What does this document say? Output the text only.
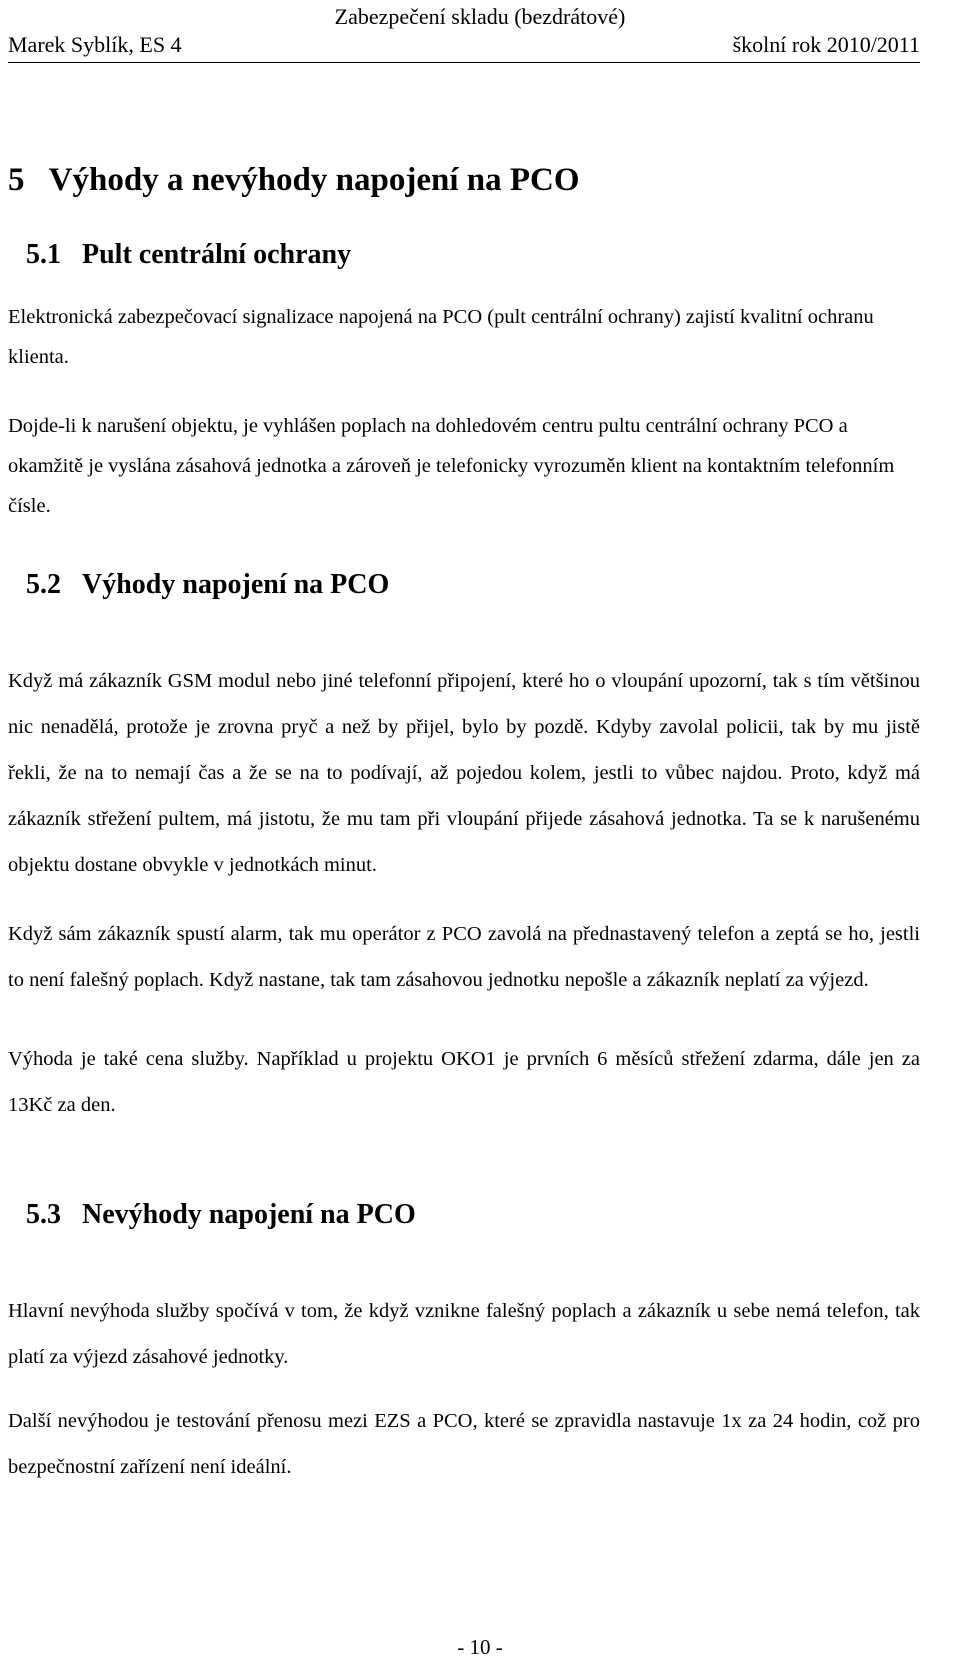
Zabezpečení skladu (bezdrátové)
Marek Syblík, ES 4	školní rok 2010/2011
5 Výhody a nevýhody napojení na PCO
5.1 Pult centrální ochrany

Elektronická zabezpečovací signalizace napojená na PCO (pult centrální ochrany) zajistí kvalitní ochranu klienta.

Dojde-li k narušení objektu, je vyhlášen poplach na dohledovém centru pultu centrální ochrany PCO a okamžitě je vyslána zásahová jednotka a zároveň je telefonicky vyrozuměn klient na kontaktním telefonním čísle.

5.2 Výhody napojení na PCO

Když má zákazník GSM modul nebo jiné telefonní připojení, které ho o vloupání upozorní, tak s tím většinou nic nenadělá, protože je zrovna pryč a než by přijel, bylo by pozdě. Kdyby zavolal policii, tak by mu jistě řekli, že na to nemají čas a že se na to podívají, až pojedou kolem, jestli to vůbec najdou. Proto, když má zákazník střežení pultem, má jistotu, že mu tam při vloupání přijede zásahová jednotka. Ta se k narušenému objektu dostane obvykle v jednotkách minut.

Když sám zákazník spustí alarm, tak mu operátor z PCO zavolá na přednastavený telefon a zeptá se ho, jestli to není falešný poplach. Když nastane, tak tam zásahovou jednotku nepošle a zákazník neplatí za výjezd.

Výhoda je také cena služby. Například u projektu OKO1 je prvních 6 měsíců střežení zdarma, dále jen za 13Kč za den.

5.3 Nevýhody napojení na PCO

Hlavní nevýhoda služby spočívá v tom, že když vznikne falešný poplach a zákazník u sebe nemá telefon, tak platí za výjezd zásahové jednotky.

Další nevýhodou je testování přenosu mezi EZS a PCO, které se zpravidla nastavuje 1x za 24 hodin, což pro bezpečnostní zařízení není ideální.

- 10 -
